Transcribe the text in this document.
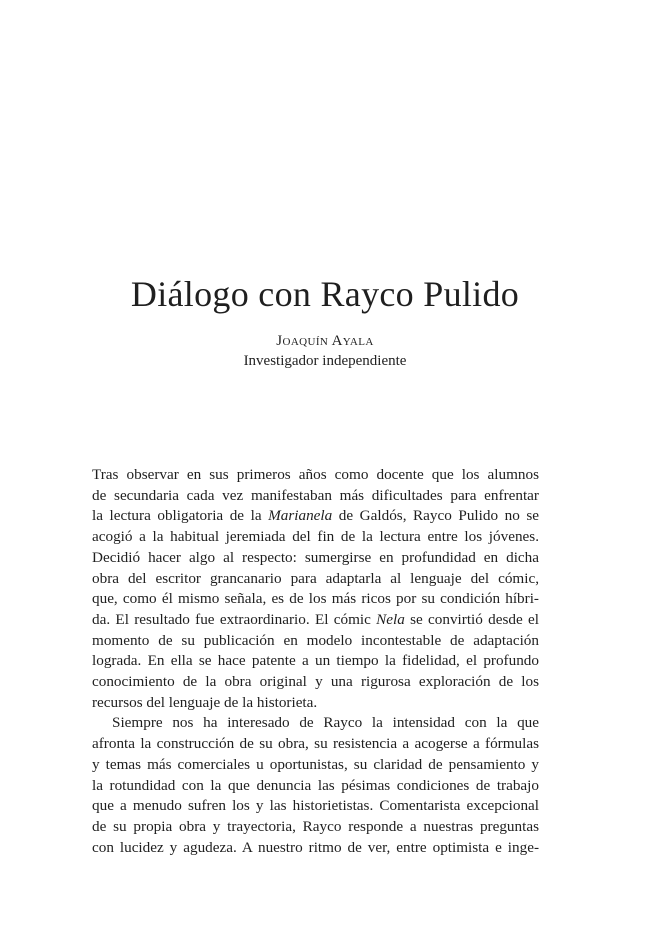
Diálogo con Rayco Pulido
Joaquín Ayala
Investigador independiente

Tras observar en sus primeros años como docente que los alumnos
de secundaria cada vez manifestaban más dificultades para enfrentar
la lectura obligatoria de la Marianela de Galdós, Rayco Pulido no se
acogió a la habitual jeremiada del fin de la lectura entre los jóvenes.
Decidió hacer algo al respecto: sumergirse en profundidad en dicha
obra del escritor grancanario para adaptarla al lenguaje del cómic,
que, como él mismo señala, es de los más ricos por su condición híbri-
da. El resultado fue extraordinario. El cómic Nela se convirtió desde el
momento de su publicación en modelo incontestable de adaptación
lograda. En ella se hace patente a un tiempo la fidelidad, el profundo
conocimiento de la obra original y una rigurosa exploración de los
recursos del lenguaje de la historieta.

Siempre nos ha interesado de Rayco la intensidad con la que
afronta la construcción de su obra, su resistencia a acogerse a fórmulas
y temas más comerciales u oportunistas, su claridad de pensamiento y
la rotundidad con la que denuncia las pésimas condiciones de trabajo
que a menudo sufren los y las historietistas. Comentarista excepcional
de su propia obra y trayectoria, Rayco responde a nuestras preguntas
con lucidez y agudeza. A nuestro ritmo de ver, entre optimista e inge-
